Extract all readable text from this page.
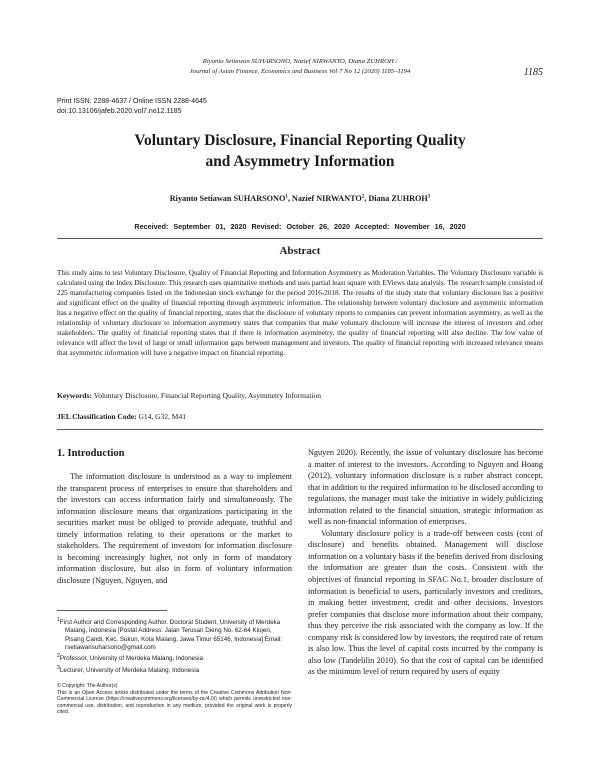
Riyanto Setiawan SUHARSONO, Nazief NIRWANTO, Diana ZUHROH /
Journal of Asian Finance, Economics and Business Vol 7 No 12 (2020) 1185–1194	1185
Print ISSN: 2288-4637 / Online ISSN 2288-4645
doi:10.13106/jafeb.2020.vol7.no12.1185
Voluntary Disclosure, Financial Reporting Quality
and Asymmetry Information
Riyanto Setiawan SUHARSONO$^1$, Nazief NIRWANTO$^2$, Diana ZUHROH$^3$
Received: September 01, 2020 Revised: October 26, 2020 Accepted: November 16, 2020
Abstract

This study aims to test Voluntary Disclosure, Quality of Financial Reporting and Information Asymmetry as Moderation Variables. The Voluntary Disclosure variable is calculated using the Index Disclosure. This research uses quantitative methods and uses partial least square with EViews data analysis. The research sample consisted of 225 manufacturing companies listed on the Indonesian stock exchange for the period 2016-2018. The results of the study state that voluntary disclosure has a positive and significant effect on the quality of financial reporting through asymmetric information. The relationship between voluntary disclosure and asymmetric information has a negative effect on the quality of financial reporting, states that the disclosure of voluntary reports to companies can prevent information asymmetry, as well as the relationship of voluntary disclosure to information asymmetry states that companies that make voluntary disclosure will increase the interest of investors and other stakeholders. The quality of financial reporting states that if there is information asymmetry, the quality of financial reporting will also decline. The low value of relevance will affect the level of large or small information gaps between management and investors. The quality of financial reporting with increased relevance means that asymmetric information will have a negative impact on financial reporting.

Keywords: Voluntary Disclosure, Financial Reporting Quality, Asymmetry Information
JEL Classification Code: G14, G32, M41
1. Introduction

The information disclosure is understood as a way to implement the transparent process of enterprises to ensure that shareholders and the investors can access information fairly and simultaneously. The information disclosure means that organizations participating in the securities market must be obliged to provide adequate, truthful and timely information relating to their operations or the market to stakeholders. The requirement of investors for information disclosure is becoming increasingly higher, not only in form of mandatory information disclosure, but also in form of voluntary information disclosure (Nguyen, Nguyen, and

Nguyen 2020). Recently, the issue of voluntary disclosure has become a matter of interest to the investors. According to Nguyen and Hoang (2012), voluntary information disclosure is a rather abstract concept, that in addition to the required information to be disclosed according to regulations, the manager must take the initiative in widely publicizing information related to the financial situation, strategic information as well as non-financial information of enterprises.

Voluntary disclosure policy is a trade-off between costs (cost of disclosure) and benefits obtained. Management will disclose information on a voluntary basis if the benefits derived from disclosing the information are greater than the costs. Consistent with the objectives of financial reporting in SFAC No.1, broader disclosure of information is beneficial to users, particularly investors and creditors, in making better investment, credit and other decisions. Investors prefer companies that disclose more information about their company, thus they perceive the risk associated with the company as low. If the company risk is considered low by investors, the required rate of return is also low. Thus the level of capital costs incurred by the company is also low (Tandelilin 2010). So that the cost of capital can be identified as the minimum level of return required by users of equity

$^1$First Author and Corresponding Author. Doctoral Student, University of Merdeka Malang, Indonesia [Postal Address: Jalan Terusan Dieng No. 62-64 Klojen, Pisang Candi, Kec. Sukun, Kota Malang, Jawa Timur 65146, Indonesia] Email: rsetiawansuharsono@gmail.com

$^2$Professor, University of Merdeka Malang, Indonesia

$^3$Lecturer, University of Merdeka Malang, Indonesia

© Copyright: The Author(s)

This is an Open Access article distributed under the terms of the Creative Commons Attribution Non-Commercial License (https://creativecommons.org/licenses/by-nc/4.0/) which permits unrestricted non-commercial use, distribution, and reproduction in any medium, provided the original work is properly cited.
